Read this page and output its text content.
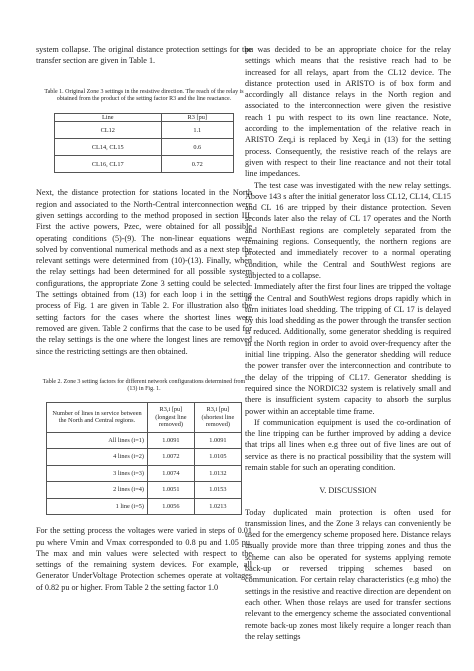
system collapse. The original distance protection settings for the transfer section are given in Table 1.

Table 1. Original Zone 3 settings in the resistive direction. The reach of the relay is obtained from the product of the setting factor R3 and the line reactance.

Line	R3 [pu]
CL12	1.1
CL14, CL15	0.6
CL16, CL17	0.72

Next, the distance protection for stations located in the North region and associated to the North-Central interconnection were given settings according to the method proposed in section III. First the active powers, Pzec, were obtained for all possible operating conditions (5)-(9). The non-linear equations were solved by conventional numerical methods and as a next step the relevant settings were determined from (10)-(13). Finally, when the relay settings had been determined for all possible system configurations, the appropriate Zone 3 setting could be selected. The settings obtained from (13) for each loop i in the setting process of Fig. 1 are given in Table 2. For illustration also the setting factors for the cases where the shortest lines were removed are given. Table 2 confirms that the case to be used for the relay settings is the one where the longest lines are removed since the restricting settings are then obtained.

Table 2. Zone 3 setting factors for different network configurations determined from (13) in Fig. 1.

Number of lines in service between the North and Central regions.	R3,i [pu] (longest line removed)	R3,i [pu] (shortest line removed)
All lines (i=1)	1.0091	1.0091
4 lines (i=2)	1.0072	1.0105
3 lines (i=3)	1.0074	1.0132
2 lines (i=4)	1.0051	1.0153
1 line (i=5)	1.0056	1.0213

For the setting process the voltages were varied in steps of 0.01 pu where Vmin and Vmax corresponded to 0.8 pu and 1.05 pu. The max and min values were selected with respect to the settings of the remaining system devices. For example, all Generator UnderVoltage Protection schemes operate at voltages of 0.82 pu or higher. From Table 2 the setting factor 1.0

pu was decided to be an appropriate choice for the relay settings which means that the resistive reach had to be increased for all relays, apart from the CL12 device. The distance protection used in ARISTO is of box form and accordingly all distance relays in the North region and associated to the interconnection were given the resistive reach 1 pu with respect to its own line reactance. Note, according to the implementation of the relative reach in ARISTO Zeq,i is replaced by Xeq,i in (13) for the setting process. Consequently, the resistive reach of the relays are given with respect to their line reactance and not their total line impedances.

The test case was investigated with the new relay settings. Above 143 s after the initial generator loss CL12, CL14, CL15 and CL 16 are tripped by their distance protection. Seven seconds later also the relay of CL 17 operates and the North and NorthEast regions are completely separated from the remaining regions. Consequently, the northern regions are protected and immediately recover to a normal operating condition, while the Central and SouthWest regions are subjected to a collapse.

Immediately after the first four lines are tripped the voltage in the Central and SouthWest regions drops rapidly which in turn initiates load shedding. The tripping of CL 17 is delayed by this load shedding as the power through the transfer section is reduced. Additionally, some generator shedding is required in the North region in order to avoid over-frequency after the initial line tripping. Also the generator shedding will reduce the power transfer over the interconnection and contribute to the delay of the tripping of CL17. Generator shedding is required since the NORDIC32 system is relatively small and there is insufficient system capacity to absorb the surplus power within an acceptable time frame.

If communication equipment is used the co-ordination of the line tripping can be further improved by adding a device that trips all lines when e.g three out of five lines are out of service as there is no practical possibility that the system will remain stable for such an operating condition.

V. DISCUSSION

Today duplicated main protection is often used for transmission lines, and the Zone 3 relays can conveniently be used for the emergency scheme proposed here. Distance relays usually provide more than three tripping zones and thus the scheme can also be operated for systems applying remote back-up or reversed tripping schemes based on communication. For certain relay characteristics (e.g mho) the settings in the resistive and reactive direction are dependent on each other. When those relays are used for transfer sections relevant to the emergency scheme the associated conventional remote back-up zones most likely require a longer reach than the relay settings
